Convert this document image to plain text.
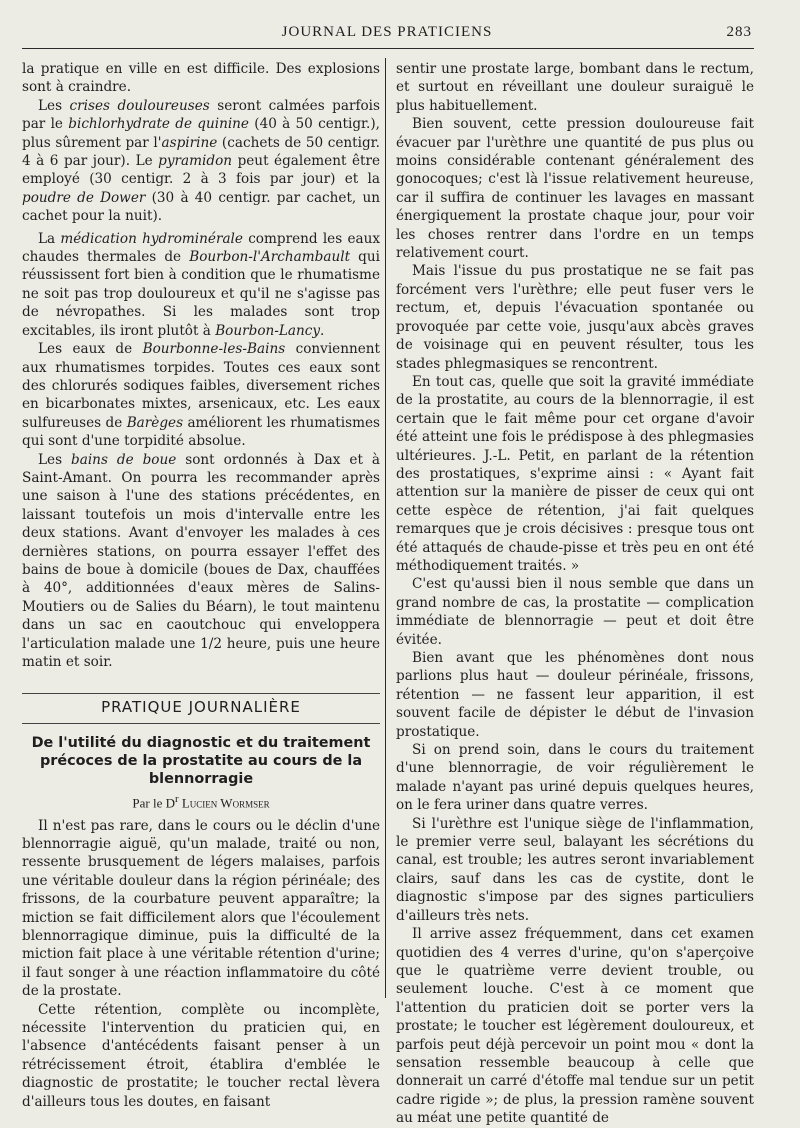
JOURNAL DES PRATICIENS	283

la pratique en ville en est difficile. Des explosions sont à craindre.

Les crises douloureuses seront calmées parfois par le bichlorhydrate de quinine (40 à 50 centigr.), plus sûrement par l'aspirine (cachets de 50 centigr. 4 à 6 par jour). Le pyramidon peut également être employé (30 centigr. 2 à 3 fois par jour) et la poudre de Dower (30 à 40 centigr. par cachet, un cachet pour la nuit).

La médication hydrominérale comprend les eaux chaudes thermales de Bourbon-l'Archambault qui réussissent fort bien à condition que le rhumatisme ne soit pas trop douloureux et qu'il ne s'agisse pas de névropathes. Si les malades sont trop excitables, ils iront plutôt à Bourbon-Lancy.

Les eaux de Bourbonne-les-Bains conviennent aux rhumatismes torpides. Toutes ces eaux sont des chlorurés sodiques faibles, diversement riches en bicarbonates mixtes, arsenicaux, etc. Les eaux sulfureuses de Barèges améliorent les rhumatismes qui sont d'une torpidité absolue.

Les bains de boue sont ordonnés à Dax et à Saint-Amant. On pourra les recommander après une saison à l'une des stations précédentes, en laissant toutefois un mois d'intervalle entre les deux stations. Avant d'envoyer les malades à ces dernières stations, on pourra essayer l'effet des bains de boue à domicile (boues de Dax, chauffées à 40°, additionnées d'eaux mères de Salins-Moutiers ou de Salies du Béarn), le tout maintenu dans un sac en caoutchouc qui enveloppera l'articulation malade une 1/2 heure, puis une heure matin et soir.

PRATIQUE JOURNALIÈRE
De l'utilité du diagnostic et du traitement précoces de la prostatite au cours de la blennorragie
Par le $D^r$ Lucien Wormser

Il n'est pas rare, dans le cours ou le déclin d'une blennorragie aiguë, qu'un malade, traité ou non, ressente brusquement de légers malaises, parfois une véritable douleur dans la région périnéale; des frissons, de la courbature peuvent apparaître; la miction se fait difficilement alors que l'écoulement blennorragique diminue, puis la difficulté de la miction fait place à une véritable rétention d'urine; il faut songer à une réaction inflammatoire du côté de la prostate.

Cette rétention, complète ou incomplète, nécessite l'intervention du praticien qui, en l'absence d'antécédents faisant penser à un rétrécissement étroit, établira d'emblée le diagnostic de prostatite; le toucher rectal lèvera d'ailleurs tous les doutes, en faisant

sentir une prostate large, bombant dans le rectum, et surtout en réveillant une douleur suraiguë le plus habituellement.

Bien souvent, cette pression douloureuse fait évacuer par l'urèthre une quantité de pus plus ou moins considérable contenant généralement des gonocoques; c'est là l'issue relativement heureuse, car il suffira de continuer les lavages en massant énergiquement la prostate chaque jour, pour voir les choses rentrer dans l'ordre en un temps relativement court.

Mais l'issue du pus prostatique ne se fait pas forcément vers l'urèthre; elle peut fuser vers le rectum, et, depuis l'évacuation spontanée ou provoquée par cette voie, jusqu'aux abcès graves de voisinage qui en peuvent résulter, tous les stades phlegmasiques se rencontrent.

En tout cas, quelle que soit la gravité immédiate de la prostatite, au cours de la blennorragie, il est certain que le fait même pour cet organe d'avoir été atteint une fois le prédispose à des phlegmasies ultérieures. J.-L. Petit, en parlant de la rétention des prostatiques, s'exprime ainsi : « Ayant fait attention sur la manière de pisser de ceux qui ont cette espèce de rétention, j'ai fait quelques remarques que je crois décisives : presque tous ont été attaqués de chaude-pisse et très peu en ont été méthodiquement traités. »

C'est qu'aussi bien il nous semble que dans un grand nombre de cas, la prostatite — complication immédiate de blennorragie — peut et doit être évitée.

Bien avant que les phénomènes dont nous parlions plus haut — douleur périnéale, frissons, rétention — ne fassent leur apparition, il est souvent facile de dépister le début de l'invasion prostatique.

Si on prend soin, dans le cours du traitement d'une blennorragie, de voir régulièrement le malade n'ayant pas uriné depuis quelques heures, on le fera uriner dans quatre verres.

Si l'urèthre est l'unique siège de l'inflammation, le premier verre seul, balayant les sécrétions du canal, est trouble; les autres seront invariablement clairs, sauf dans les cas de cystite, dont le diagnostic s'impose par des signes particuliers d'ailleurs très nets.

Il arrive assez fréquemment, dans cet examen quotidien des 4 verres d'urine, qu'on s'aperçoive que le quatrième verre devient trouble, ou seulement louche. C'est à ce moment que l'attention du praticien doit se porter vers la prostate; le toucher est légèrement douloureux, et parfois peut déjà percevoir un point mou « dont la sensation ressemble beaucoup à celle que donnerait un carré d'étoffe mal tendue sur un petit cadre rigide »; de plus, la pression ramène souvent au méat une petite quantité de
